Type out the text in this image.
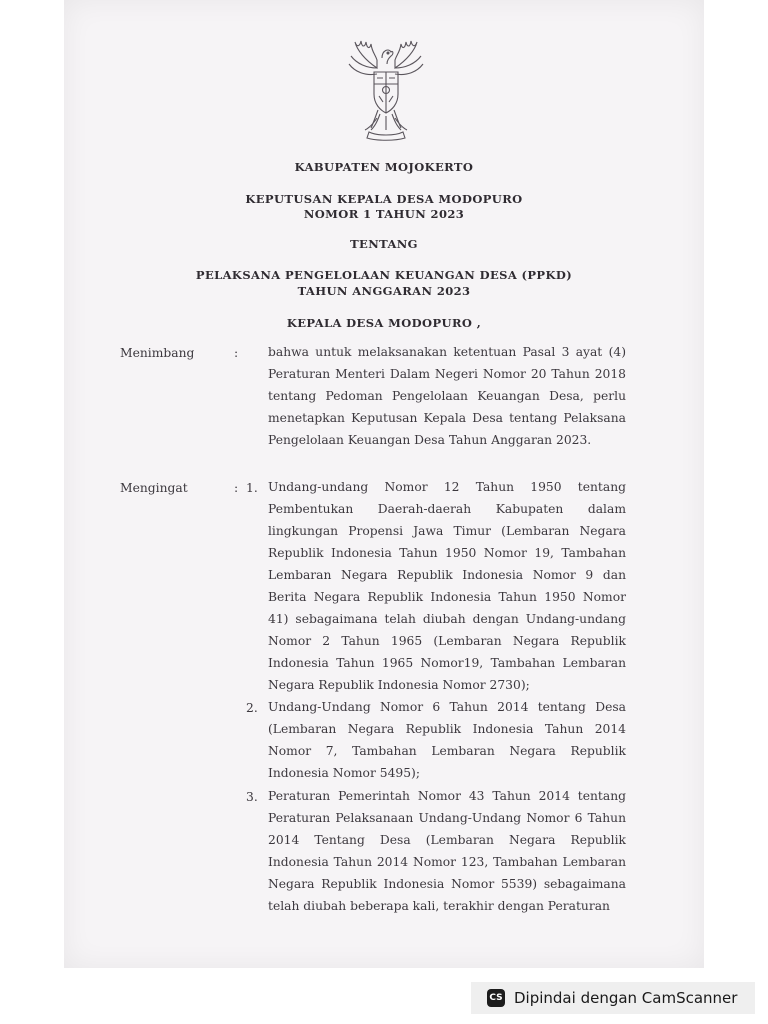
KABUPATEN MOJOKERTO
KEPUTUSAN KEPALA DESA MODOPURO
NOMOR 1 TAHUN 2023
TENTANG
PELAKSANA PENGELOLAAN KEUANGAN DESA (PPKD)
TAHUN ANGGARAN 2023
KEPALA DESA MODOPURO ,
Menimbang	: bahwa untuk melaksanakan ketentuan Pasal 3 ayat (4) Peraturan Menteri Dalam Negeri Nomor 20 Tahun 2018 tentang Pedoman Pengelolaan Keuangan Desa, perlu menetapkan Keputusan Kepala Desa tentang Pelaksana Pengelolaan Keuangan Desa Tahun Anggaran 2023.
Mengingat	: 1. Undang-undang Nomor 12 Tahun 1950 tentang Pembentukan Daerah-daerah Kabupaten dalam lingkungan Propensi Jawa Timur (Lembaran Negara Republik Indonesia Tahun 1950 Nomor 19, Tambahan Lembaran Negara Republik Indonesia Nomor 9 dan Berita Negara Republik Indonesia Tahun 1950 Nomor 41) sebagaimana telah diubah dengan Undang-undang Nomor 2 Tahun 1965 (Lembaran Negara Republik Indonesia Tahun 1965 Nomor19, Tambahan Lembaran Negara Republik Indonesia Nomor 2730);
2. Undang-Undang Nomor 6 Tahun 2014 tentang Desa (Lembaran Negara Republik Indonesia Tahun 2014 Nomor 7, Tambahan Lembaran Negara Republik Indonesia Nomor 5495);
3. Peraturan Pemerintah Nomor 43 Tahun 2014 tentang Peraturan Pelaksanaan Undang-Undang Nomor 6 Tahun 2014 Tentang Desa (Lembaran Negara Republik Indonesia Tahun 2014 Nomor 123, Tambahan Lembaran Negara Republik Indonesia Nomor 5539) sebagaimana telah diubah beberapa kali, terakhir dengan Peraturan
CS Dipindai dengan CamScanner
